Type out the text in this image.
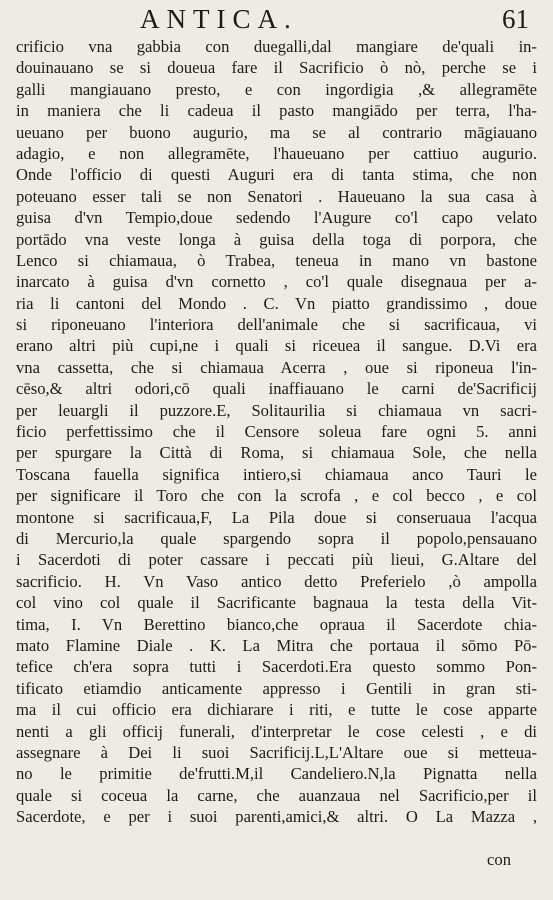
ANTICA.	61
crificio vna gabbia con duegalli,dal mangiare de'quali in-
douinauano se si doueua fare il Sacrificio ò nò, perche se i
galli mangiauano presto, e con ingordigia ,& allegramēte
in maniera che li cadeua il pasto mangiādo per terra, l'ha-
ueuano per buono augurio, ma se al contrario māgiauano
adagio, e non allegramēte, l'haueuano per cattiuo augurio.
Onde l'officio di questi Auguri era di tanta stima, che non
poteuano esser tali se non Senatori . Haueuano la sua casa à
guisa d'vn Tempio,doue sedendo l'Augure co'l capo velato
portādo vna veste longa à guisa della toga di porpora, che
Lenco si chiamaua, ò Trabea, teneua in mano vn bastone
inarcato à guisa d'vn cornetto , co'l quale disegnaua per a-
ria li cantoni del Mondo . C. Vn piatto grandissimo , doue
si riponeuano l'interiora dell'animale che si sacrificaua, vi
erano altri più cupi,ne i quali si riceuea il sangue. D.Vi era
vna cassetta, che si chiamaua Acerra , oue si riponeua l'in-
cēso,& altri odori,cō quali inaffiauano le carni de'Sacrificij
per leuargli il puzzore.E, Solitaurilia si chiamaua vn sacri-
ficio perfettissimo che il Censore soleua fare ogni 5. anni
per spurgare la Città di Roma, si chiamaua Sole, che nella
Toscana fauella significa intiero,si chiamaua anco Tauri le
per significare il Toro che con la scrofa , e col becco , e col
montone si sacrificaua,F, La Pila doue si conseruaua l'acqua
di Mercurio,la quale spargendo sopra il popolo,pensauano
i Sacerdoti di poter cassare i peccati più lieui, G.Altare del
sacrificio. H. Vn Vaso antico detto Preferielo ,ò ampolla
col vino col quale il Sacrificante bagnaua la testa della Vit-
tima, I. Vn Berettino bianco,che opraua il Sacerdote chia-
mato Flamine Diale . K. La Mitra che portaua il sōmo Pō-
tefice ch'era sopra tutti i Sacerdoti.Era questo sommo Pon-
tificato etiamdio anticamente appresso i Gentili in gran sti-
ma il cui officio era dichiarare i riti, e tutte le cose apparte
nenti a gli officij funerali, d'interpretar le cose celesti , e di
assegnare à Dei li suoi Sacrificij.L,L'Altare oue si metteua-
no le primitie de'frutti.M,il Candeliero.N,la Pignatta nella
quale si coceua la carne, che auanzaua nel Sacrificio,per il
Sacerdote, e per i suoi parenti,amici,& altri. O La Mazza ,
con
